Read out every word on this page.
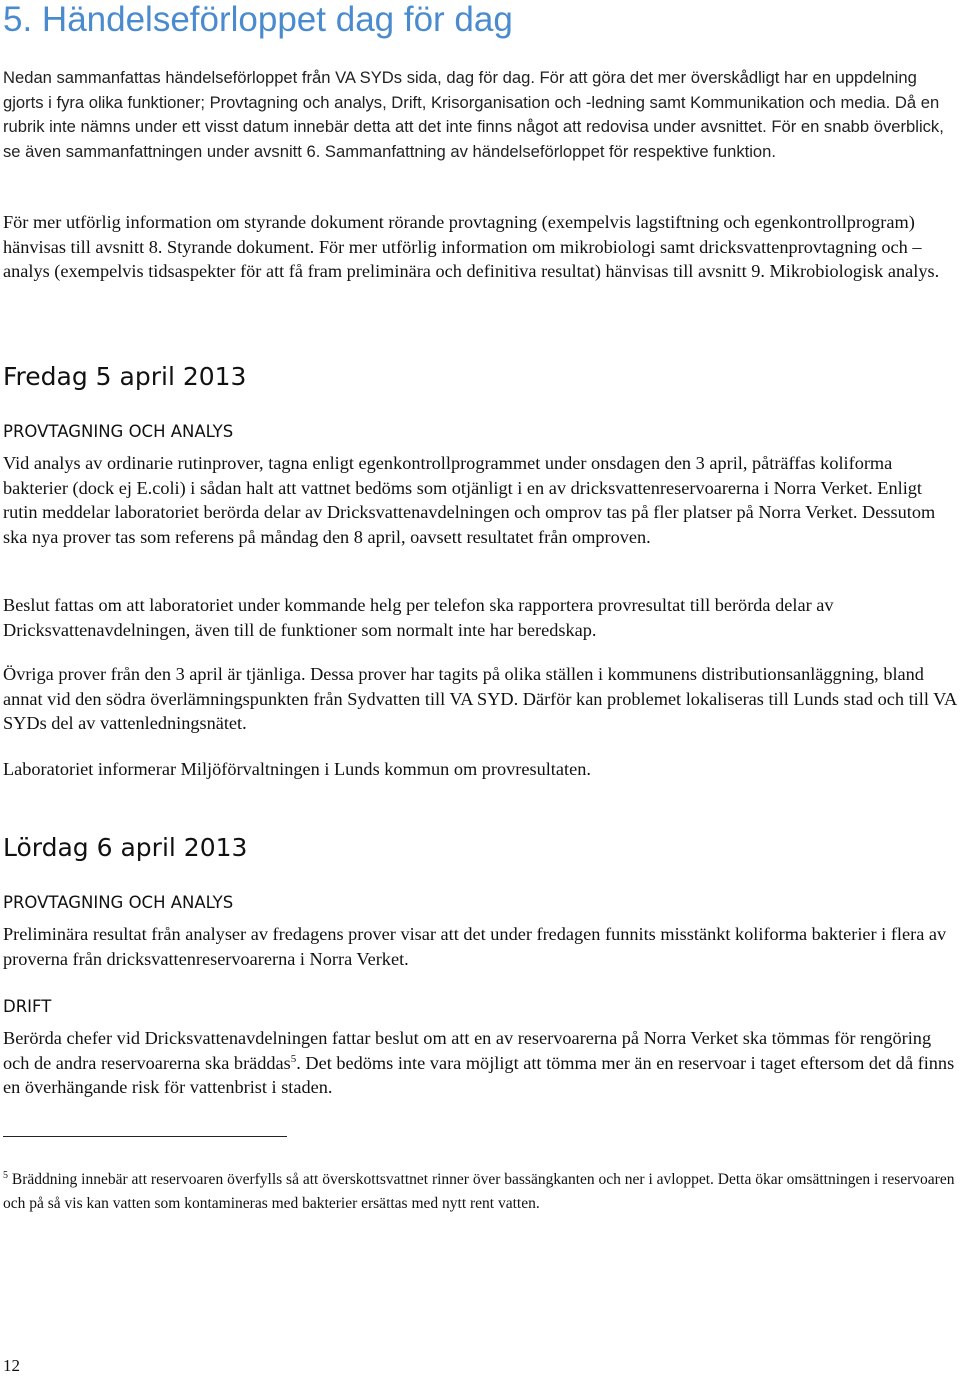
5. Händelseförloppet dag för dag

Nedan sammanfattas händelseförloppet från VA SYDs sida, dag för dag. För att göra det mer överskådligt har en uppdelning gjorts i fyra olika funktioner; Provtagning och analys, Drift, Krisorganisation och -ledning samt Kommunikation och media. Då en rubrik inte nämns under ett visst datum innebär detta att det inte finns något att redovisa under avsnittet. För en snabb överblick, se även sammanfattningen under avsnitt 6. Sammanfattning av händelseförloppet för respektive funktion.

För mer utförlig information om styrande dokument rörande provtagning (exempelvis lagstiftning och egenkontrollprogram) hänvisas till avsnitt 8. Styrande dokument. För mer utförlig information om mikrobiologi samt dricksvattenprovtagning och –analys (exempelvis tidsaspekter för att få fram preliminära och definitiva resultat) hänvisas till avsnitt 9. Mikrobiologisk analys.

Fredag 5 april 2013
PROVTAGNING OCH ANALYS

Vid analys av ordinarie rutinprover, tagna enligt egenkontrollprogrammet under onsdagen den 3 april, påträffas koliforma bakterier (dock ej E.coli) i sådan halt att vattnet bedöms som otjänligt i en av dricksvattenreservoarerna i Norra Verket. Enligt rutin meddelar laboratoriet berörda delar av Dricksvattenavdelningen och omprov tas på fler platser på Norra Verket. Dessutom ska nya prover tas som referens på måndag den 8 april, oavsett resultatet från omproven.

Beslut fattas om att laboratoriet under kommande helg per telefon ska rapportera provresultat till berörda delar av Dricksvattenavdelningen, även till de funktioner som normalt inte har beredskap.

Övriga prover från den 3 april är tjänliga. Dessa prover har tagits på olika ställen i kommunens distributionsanläggning, bland annat vid den södra överlämningspunkten från Sydvatten till VA SYD. Därför kan problemet lokaliseras till Lunds stad och till VA SYDs del av vattenledningsnätet.

Laboratoriet informerar Miljöförvaltningen i Lunds kommun om provresultaten.

Lördag 6 april 2013
PROVTAGNING OCH ANALYS

Preliminära resultat från analyser av fredagens prover visar att det under fredagen funnits misstänkt koliforma bakterier i flera av proverna från dricksvattenreservoarerna i Norra Verket.

DRIFT

Berörda chefer vid Dricksvattenavdelningen fattar beslut om att en av reservoarerna på Norra Verket ska tömmas för rengöring och de andra reservoarerna ska bräddas$^5$. Det bedöms inte vara möjligt att tömma mer än en reservoar i taget eftersom det då finns en överhängande risk för vattenbrist i staden.

$^5$ Bräddning innebär att reservoaren överfylls så att överskottsvattnet rinner över bassängkanten och ner i avloppet. Detta ökar omsättningen i reservoaren och på så vis kan vatten som kontamineras med bakterier ersättas med nytt rent vatten.

12
